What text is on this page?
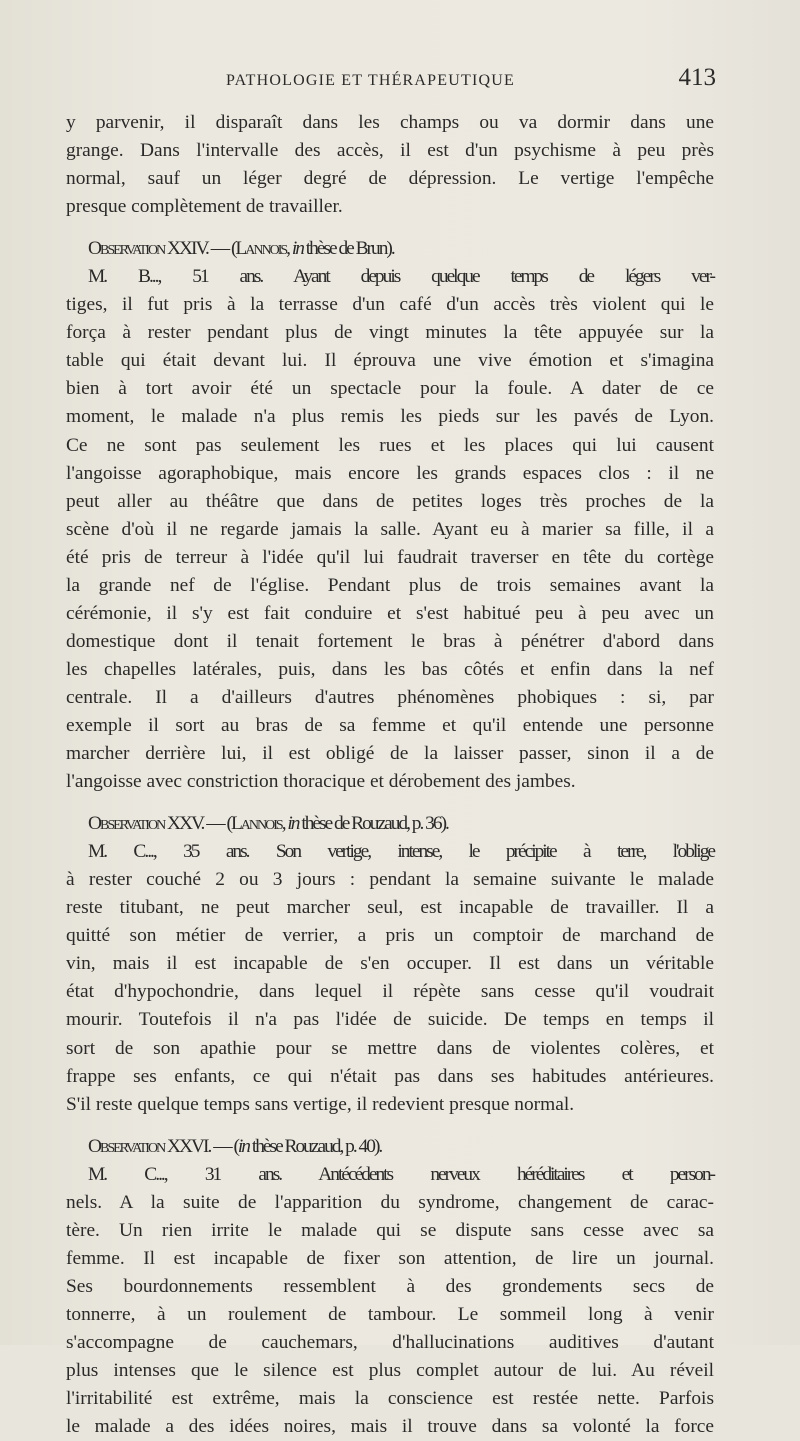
PATHOLOGIE ET THÉRAPEUTIQUE	413
y parvenir, il disparaît dans les champs ou va dormir dans une
grange. Dans l'intervalle des accès, il est d'un psychisme à peu près
normal, sauf un léger degré de dépression. Le vertige l'empêche
presque complètement de travailler.
Observation XXIV. — (Lannois, in thèse de Brun).
M. B..., 51 ans. Ayant depuis quelque temps de légers ver-
tiges, il fut pris à la terrasse d'un café d'un accès très violent qui le
força à rester pendant plus de vingt minutes la tête appuyée sur la
table qui était devant lui. Il éprouva une vive émotion et s'imagina
bien à tort avoir été un spectacle pour la foule. A dater de ce
moment, le malade n'a plus remis les pieds sur les pavés de Lyon.
Ce ne sont pas seulement les rues et les places qui lui causent
l'angoisse agoraphobique, mais encore les grands espaces clos : il ne
peut aller au théâtre que dans de petites loges très proches de la
scène d'où il ne regarde jamais la salle. Ayant eu à marier sa fille, il a
été pris de terreur à l'idée qu'il lui faudrait traverser en tête du cortège
la grande nef de l'église. Pendant plus de trois semaines avant la
cérémonie, il s'y est fait conduire et s'est habitué peu à peu avec un
domestique dont il tenait fortement le bras à pénétrer d'abord dans
les chapelles latérales, puis, dans les bas côtés et enfin dans la nef
centrale. Il a d'ailleurs d'autres phénomènes phobiques : si, par
exemple il sort au bras de sa femme et qu'il entende une personne
marcher derrière lui, il est obligé de la laisser passer, sinon il a de
l'angoisse avec constriction thoracique et dérobement des jambes.
Observation XXV. — (Lannois, in thèse de Rouzaud, p. 36).
M. C..., 35 ans. Son vertige, intense, le précipite à terre, l'oblige
à rester couché 2 ou 3 jours : pendant la semaine suivante le malade
reste titubant, ne peut marcher seul, est incapable de travailler. Il a
quitté son métier de verrier, a pris un comptoir de marchand de
vin, mais il est incapable de s'en occuper. Il est dans un véritable
état d'hypochondrie, dans lequel il répète sans cesse qu'il voudrait
mourir. Toutefois il n'a pas l'idée de suicide. De temps en temps il
sort de son apathie pour se mettre dans de violentes colères, et
frappe ses enfants, ce qui n'était pas dans ses habitudes antérieures.
S'il reste quelque temps sans vertige, il redevient presque normal.
Observation XXVI. — (in thèse Rouzaud, p. 40).
M. C..., 31 ans. Antécédents nerveux héréditaires et person-
nels. A la suite de l'apparition du syndrome, changement de carac-
tère. Un rien irrite le malade qui se dispute sans cesse avec sa
femme. Il est incapable de fixer son attention, de lire un journal.
Ses bourdonnements ressemblent à des grondements secs de
tonnerre, à un roulement de tambour. Le sommeil long à venir
s'accompagne de cauchemars, d'hallucinations auditives d'autant
plus intenses que le silence est plus complet autour de lui. Au réveil
l'irritabilité est extrême, mais la conscience est restée nette. Parfois
le malade a des idées noires, mais il trouve dans sa volonté la force
